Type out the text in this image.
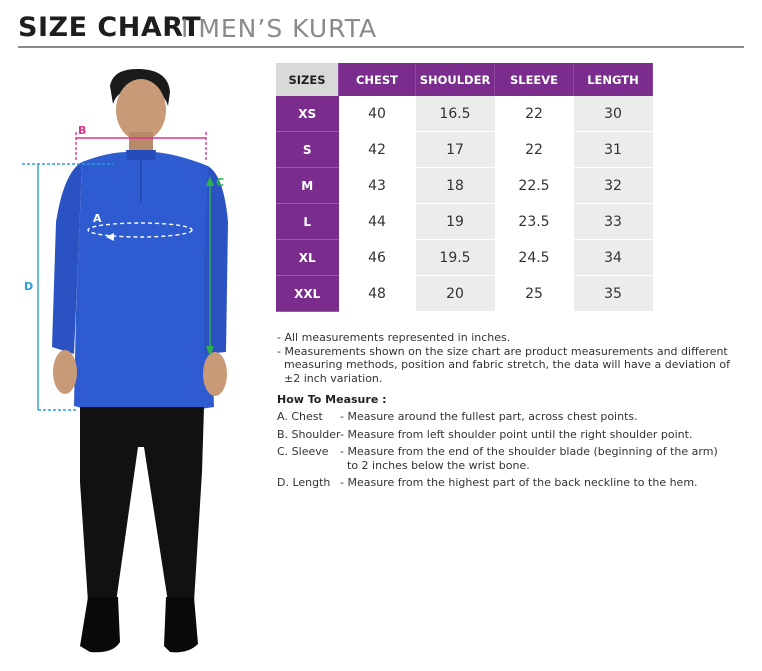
SIZE CHART
I MEN’S KURTA
B
C
A
D
SIZES	CHEST	SHOULDER	SLEEVE	LENGTH
XS	40	16.5	22	30
S	42	17	22	31
M	43	18	22.5	32
L	44	19	23.5	33
XL	46	19.5	24.5	34
XXL	48	20	25	35
- All measurements represented in inches.
- Measurements shown on the size chart are product measurements and different
measuring methods, position and fabric stretch, the data will have a deviation of
±2 inch variation.
How To Measure :
A. Chest	- Measure around the fullest part, across chest points.
B. Shoulder - Measure from left shoulder point until the right shoulder point.
C. Sleeve	- Measure from the end of the shoulder blade (beginning of the arm)
to 2 inches below the wrist bone.
D. Length - Measure from the highest part of the back neckline to the hem.
